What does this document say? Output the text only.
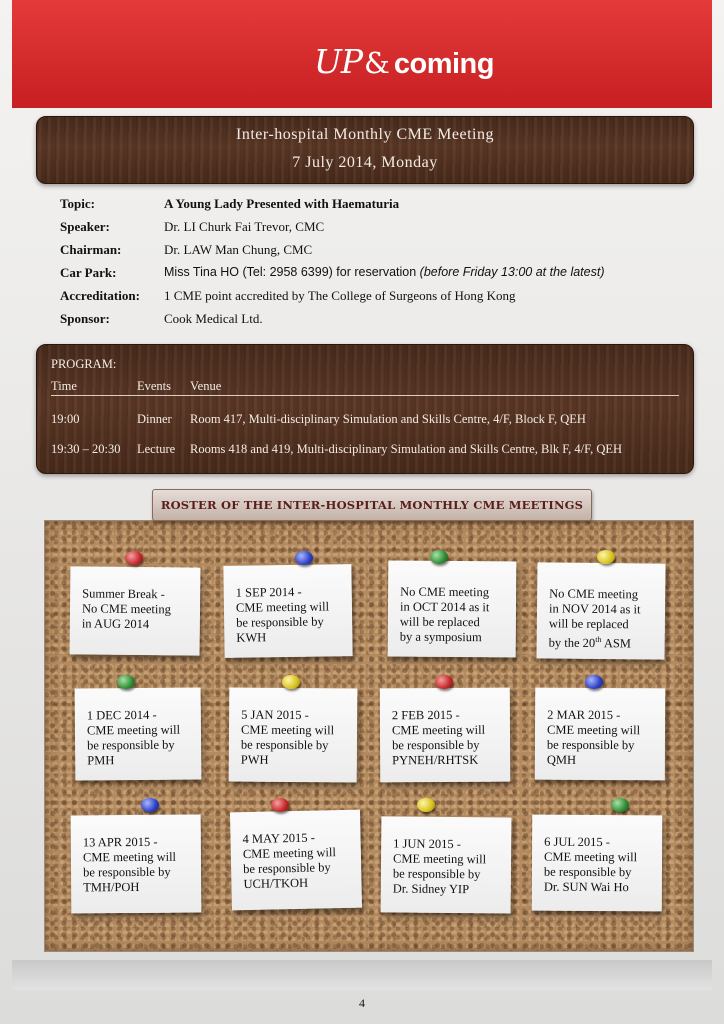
UP& coming
Inter-hospital Monthly CME Meeting
7 July 2014, Monday
Topic:	A Young Lady Presented with Haematuria
Speaker:	Dr. LI Churk Fai Trevor, CMC
Chairman:	Dr. LAW Man Chung, CMC
Car Park:	Miss Tina HO (Tel: 2958 6399) for reservation (before Friday 13:00 at the latest)
Accreditation: 1 CME point accredited by The College of Surgeons of Hong Kong
Sponsor:	Cook Medical Ltd.
PROGRAM:
Time	Events Venue
19:00	Dinner Room 417, Multi-disciplinary Simulation and Skills Centre, 4/F, Block F, QEH
19:30 – 20:30 Lecture Rooms 418 and 419, Multi-disciplinary Simulation and Skills Centre, Blk F, 4/F, QEH
Summer Break -
No CME meeting
in AUG 2014
1 SEP 2014 -
CME meeting will
be responsible by
KWH
No CME meeting
in OCT 2014 as it
will be replaced
by a symposium
No CME meeting
in NOV 2014 as it
will be replaced
by the 20th ASM
1 DEC 2014 -
CME meeting will
be responsible by
PMH
5 JAN 2015 -
CME meeting will
be responsible by
PWH
2 FEB 2015 -
CME meeting will
be responsible by
PYNEH/RHTSK
2 MAR 2015 -
CME meeting will
be responsible by
QMH
13 APR 2015 -
CME meeting will
be responsible by
TMH/POH
4 MAY 2015 -
CME meeting will
be responsible by
UCH/TKOH
1 JUN 2015 -
CME meeting will
be responsible by
Dr. Sidney YIP
6 JUL 2015 -
CME meeting will
be responsible by
Dr. SUN Wai Ho
ROSTER OF THE INTER-HOSPITAL MONTHLY CME MEETINGS
4
